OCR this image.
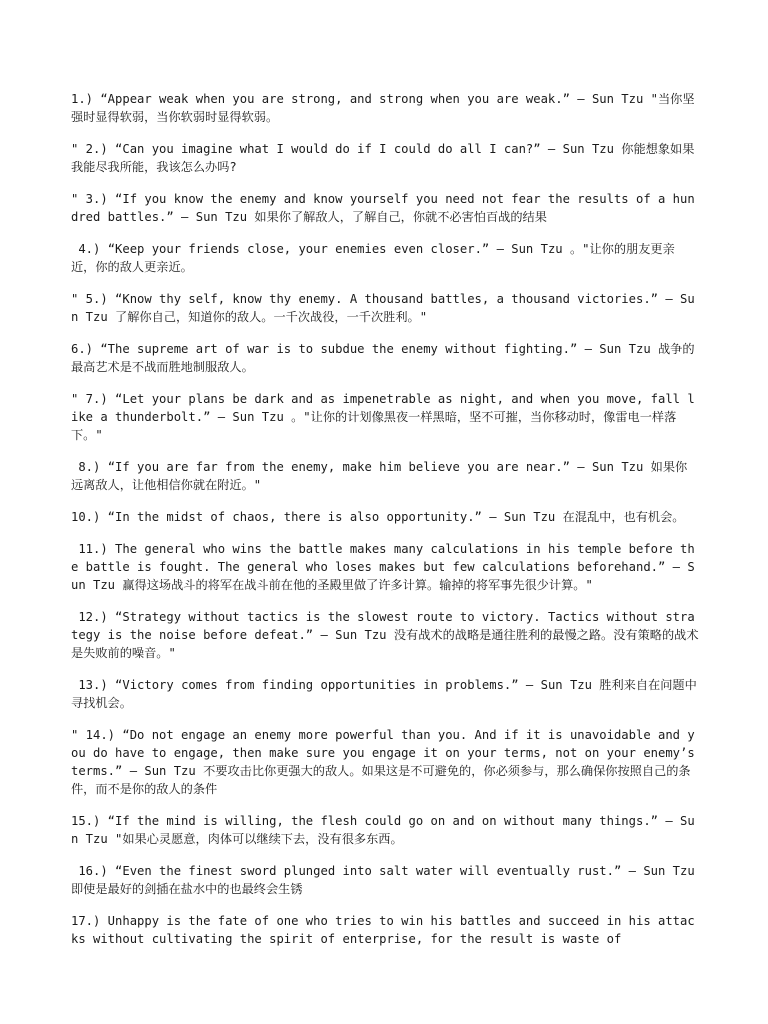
1.) “Appear weak when you are strong, and strong when you are weak.” – Sun Tzu "当你坚强时显得软弱，当你软弱时显得软弱。

" 2.) “Can you imagine what I would do if I could do all I can?” – Sun Tzu 你能想象如果我能尽我所能，我该怎么办吗?

" 3.) “If you know the enemy and know yourself you need not fear the results of a hundred battles.” – Sun Tzu 如果你了解敌人，了解自己，你就不必害怕百战的结果

4.) “Keep your friends close, your enemies even closer.” – Sun Tzu 。"让你的朋友更亲近，你的敌人更亲近。

" 5.) “Know thy self, know thy enemy. A thousand battles, a thousand victories.” – Sun Tzu 了解你自己，知道你的敌人。一千次战役，一千次胜利。"

6.) “The supreme art of war is to subdue the enemy without fighting.” – Sun Tzu 战争的最高艺术是不战而胜地制服敌人。

" 7.) “Let your plans be dark and as impenetrable as night, and when you move, fall like a thunderbolt.” – Sun Tzu 。"让你的计划像黑夜一样黑暗，坚不可摧，当你移动时，像雷电一样落下。"

8.) “If you are far from the enemy, make him believe you are near.” – Sun Tzu 如果你远离敌人，让他相信你就在附近。"

10.) “In the midst of chaos, there is also opportunity.” – Sun Tzu 在混乱中，也有机会。

11.) The general who wins the battle makes many calculations in his temple before the battle is fought. The general who loses makes but few calculations beforehand.” – Sun Tzu 赢得这场战斗的将军在战斗前在他的圣殿里做了许多计算。输掉的将军事先很少计算。"

12.) “Strategy without tactics is the slowest route to victory. Tactics without strategy is the noise before defeat.” – Sun Tzu 没有战术的战略是通往胜利的最慢之路。没有策略的战术是失败前的噪音。"

13.) “Victory comes from finding opportunities in problems.” – Sun Tzu 胜利来自在问题中寻找机会。

" 14.) “Do not engage an enemy more powerful than you. And if it is unavoidable and you do have to engage, then make sure you engage it on your terms, not on your enemy’s terms.” – Sun Tzu 不要攻击比你更强大的敌人。如果这是不可避免的，你必须参与，那么确保你按照自己的条件，而不是你的敌人的条件

15.) “If the mind is willing, the flesh could go on and on without many things.” – Sun Tzu "如果心灵愿意，肉体可以继续下去，没有很多东西。

16.) “Even the finest sword plunged into salt water will eventually rust.” – Sun Tzu 即使是最好的剑插在盐水中的也最终会生锈

17.) Unhappy is the fate of one who tries to win his battles and succeed in his attacks without cultivating the spirit of enterprise, for the result is waste of
